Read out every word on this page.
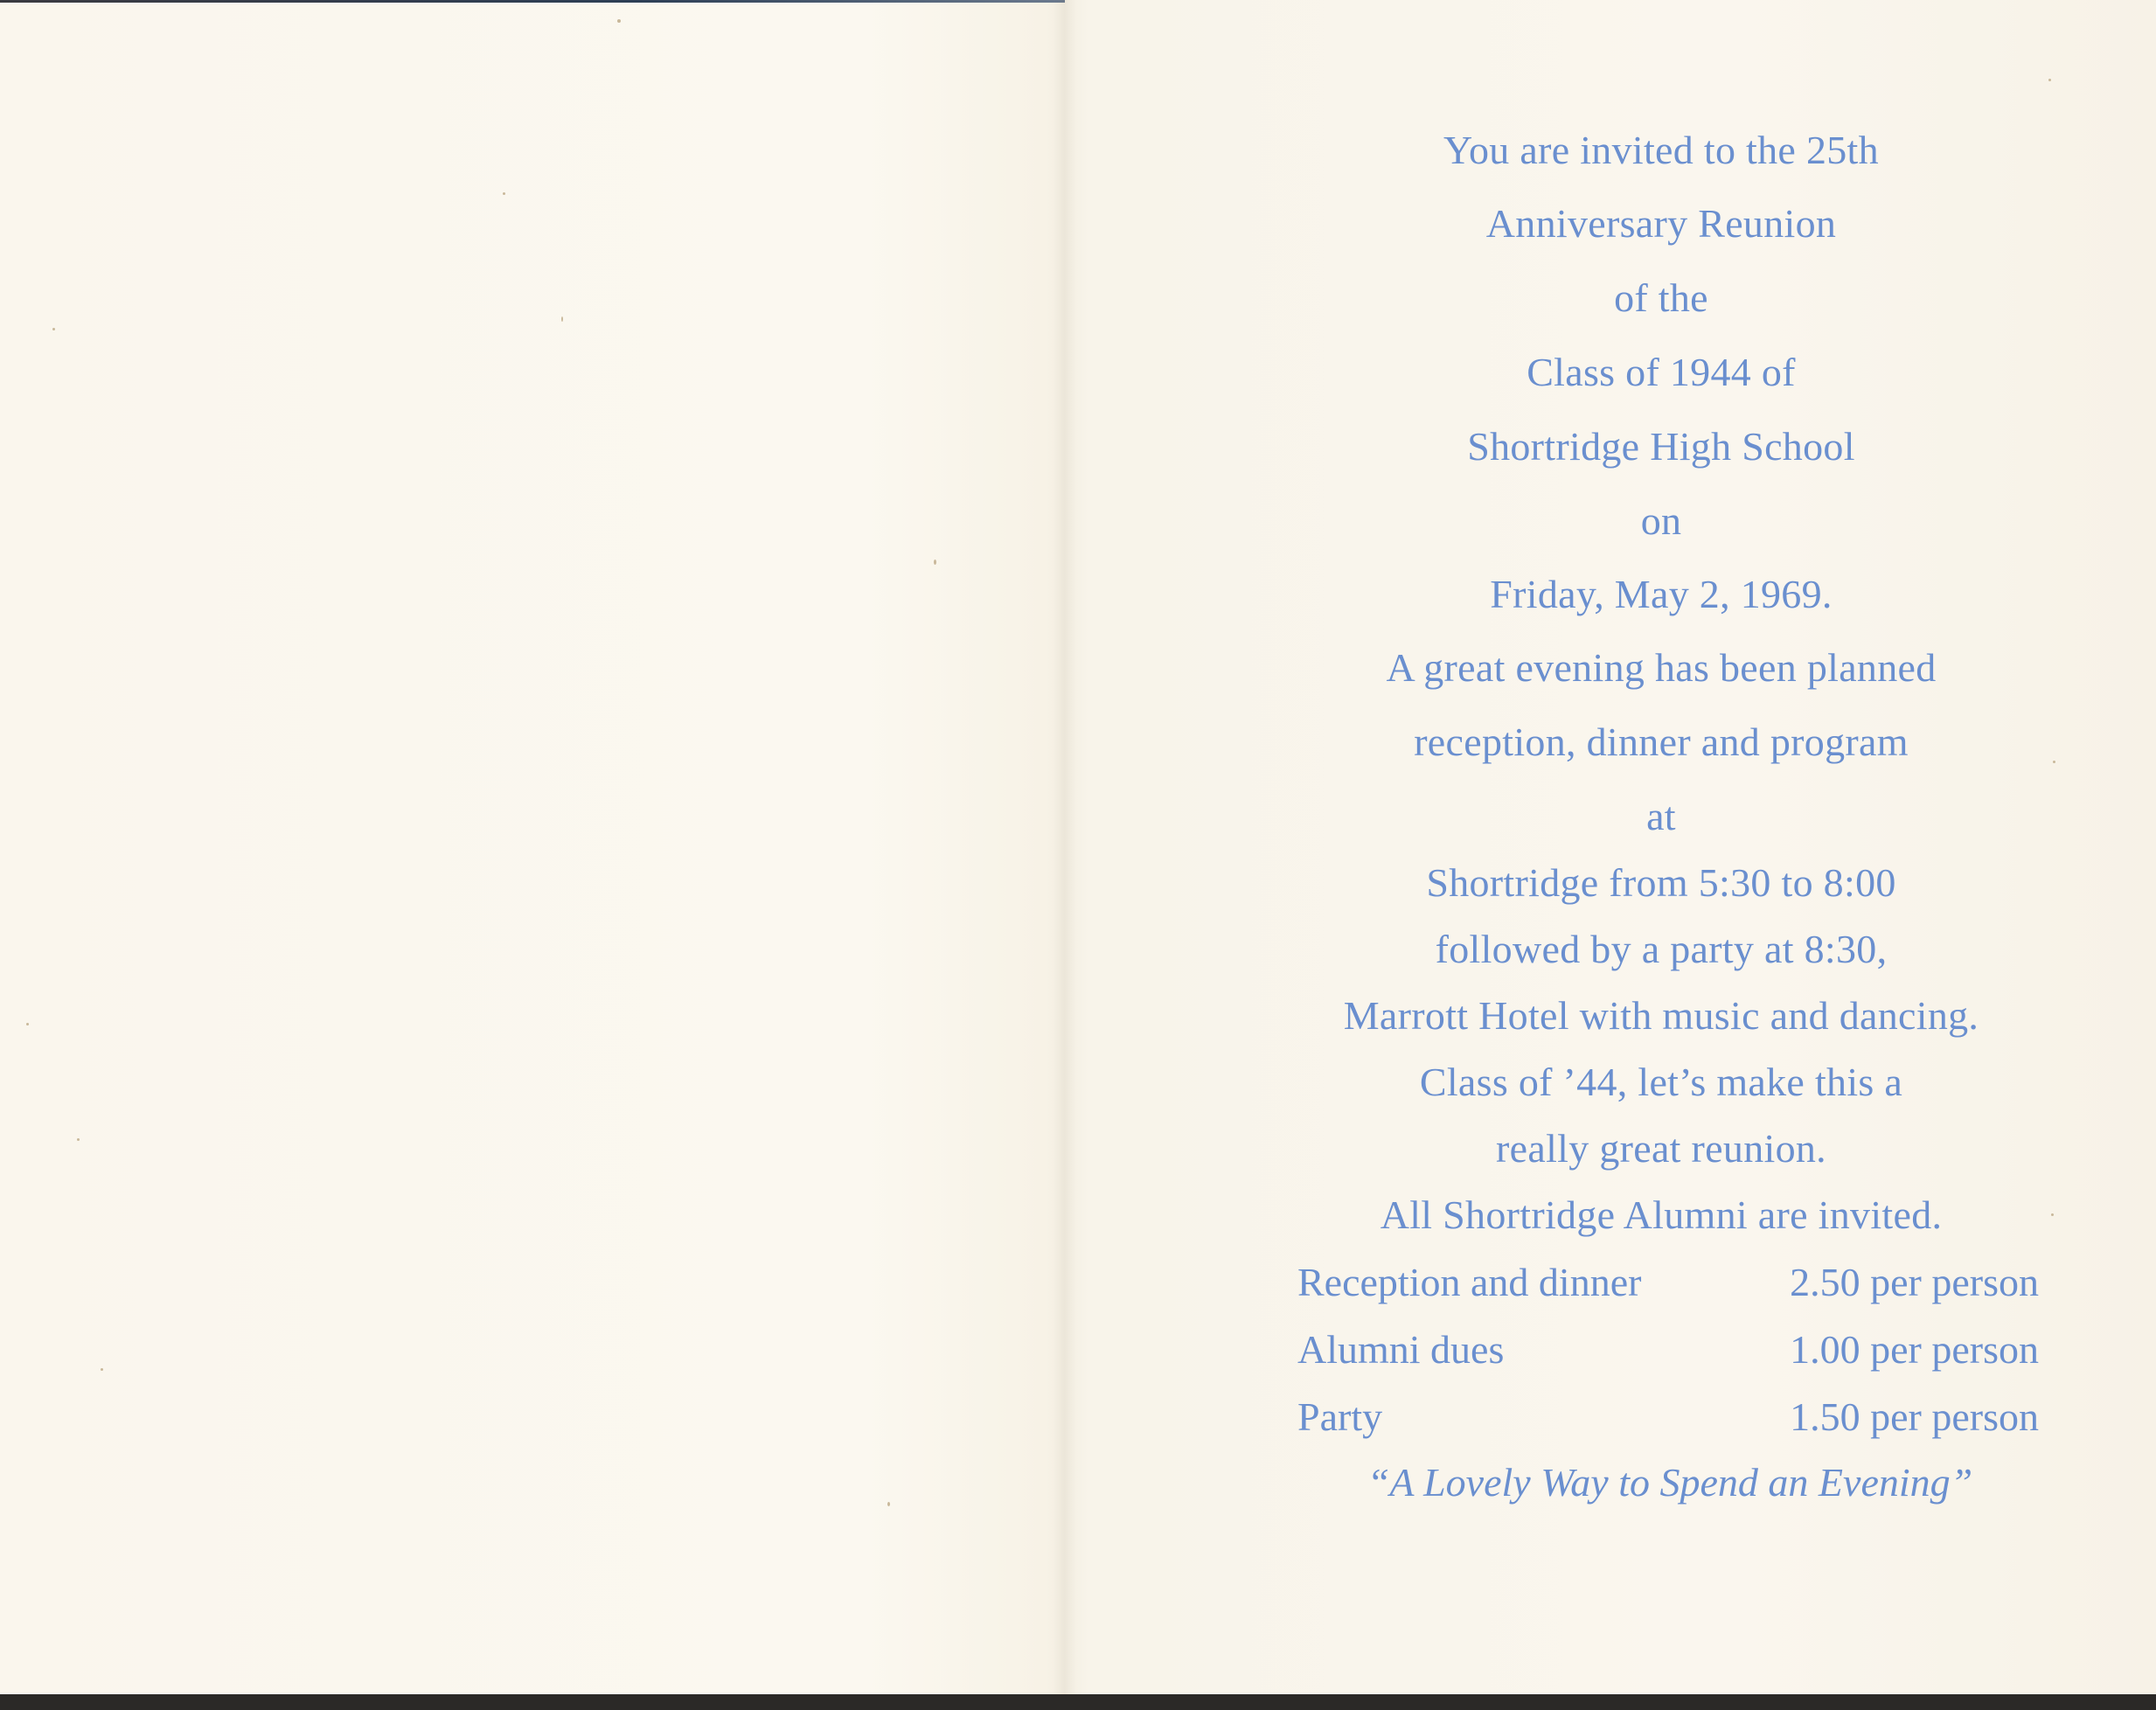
You are invited to the 25th
Anniversary Reunion
of the
Class of 1944 of
Shortridge High School
on
Friday, May 2, 1969.
A great evening has been planned
reception, dinner and program
at
Shortridge from 5:30 to 8:00
followed by a party at 8:30,
Marrott Hotel with music and dancing.
Class of ’44, let’s make this a
really great reunion.
All Shortridge Alumni are invited.
Reception and dinner	2.50 per person
Alumni dues	1.00 per person
Party	1.50 per person
“A Lovely Way to Spend an Evening”
